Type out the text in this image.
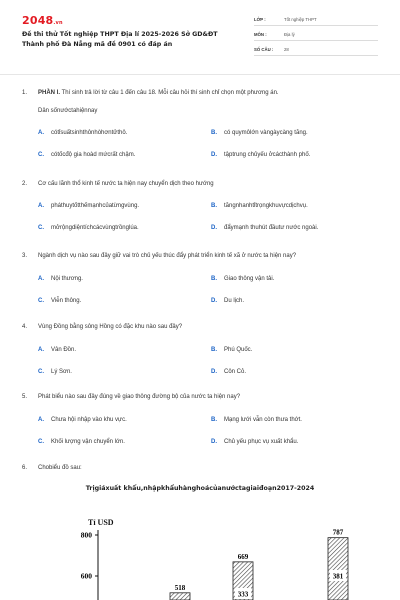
2048.vn
Đề thi thử Tốt nghiệp THPT Địa lí 2025-2026 Sở GD&ĐT
Thành phố Đà Nẵng mã đề 0901 có đáp án
LỚP :	Tốt nghiệp THPT
MÔN :	Địa lý
SỐ CÂU :	28
1. PHẦN I. Thí sinh trả lời từ câu 1 đến câu 18. Mỗi câu hỏi thí sinh chỉ chọn một phương án.
Dân sốnướctahiệnnay
A. cótỉsuấtsinhthônhòhơntửthô.	B. có quymôlớn vàngàycàng tăng.
C. cótốcđộ gia hoàd mứcrất chậm.	D. tậptrung chủyếu ởcácthành phố.
2. Cơ cấu lãnh thổ kinh tế nước ta hiện nay chuyển dịch theo hướng
A. pháthuytốtthếmạnhcủatừngvùng.	B. tăngnhanhtỉtrọngkhuvựcdịchvụ.
C. mởrộngdiệntíchcácvùngtrồnglúa.	D. đẩymạnh thuhút đầutư nước ngoài.
3. Ngành dịch vụ nào sau đây giữ vai trò chủ yếu thúc đẩy phát triển kinh tế xã ở nước ta hiện nay?
A. Nội thương.	B. Giao thông vận tải.
C. Viễn thông.	D. Du lịch.
4. Vùng Đồng bằng sông Hồng có đặc khu nào sau đây?
A. Vân Đồn.	B. Phú Quốc.
C. Lý Sơn.	D. Côn Cỏ.
5. Phát biểu nào sau đây đúng về giao thông đường bộ của nước ta hiện nay?
A. Chưa hội nhập vào khu vực.	B. Mạng lưới vẫn còn thưa thớt.
C. Khối lượng vận chuyển lớn.	D. Chủ yếu phục vụ xuất khẩu.
6. Chobiểu đồ sau:
Trịgiáxuất khẩu,nhậpkhẩuhànghoácủanướctagiaiđoạn2017-2024
Tỉ USD
800
600
518
669
333
787
381
